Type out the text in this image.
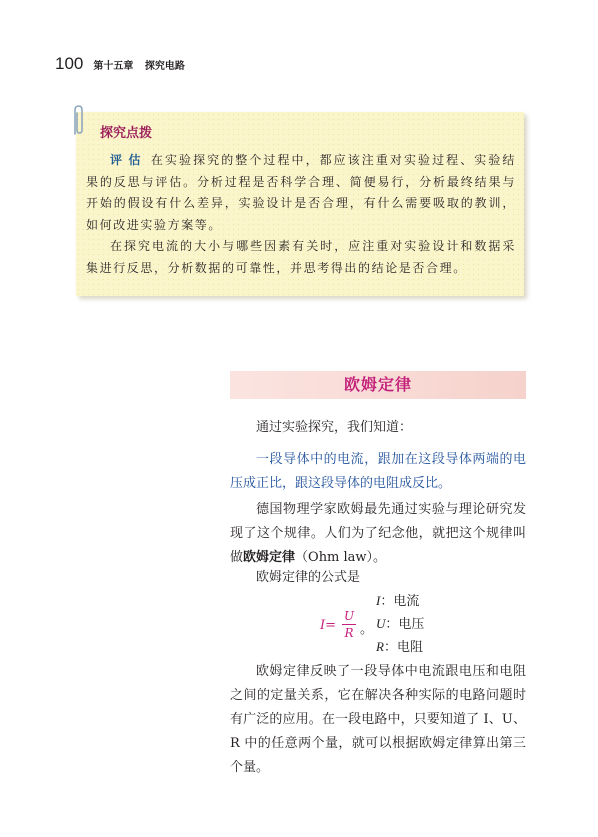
100 第十五章 探究电路
探究点拨

评估 在实验探究的整个过程中，都应该注重对实验过程、实验结果的反思与评估。分析过程是否科学合理、简便易行，分析最终结果与开始的假设有什么差异，实验设计是否合理，有什么需要吸取的教训，如何改进实验方案等。

在探究电流的大小与哪些因素有关时，应注重对实验设计和数据采集进行反思，分析数据的可靠性，并思考得出的结论是否合理。

欧姆定律

通过实验探究，我们知道：

一段导体中的电流，跟加在这段导体两端的电压成正比，跟这段导体的电阻成反比。

德国物理学家欧姆最先通过实验与理论研究发现了这个规律。人们为了纪念他，就把这个规律叫做欧姆定律（Ohm law）。

欧姆定律的公式是

I=
U
R 。
I：电流
U：电压
R：电阻

欧姆定律反映了一段导体中电流跟电压和电阻之间的定量关系，它在解决各种实际的电路问题时有广泛的应用。在一段电路中，只要知道了 I、U、R 中的任意两个量，就可以根据欧姆定律算出第三个量。
